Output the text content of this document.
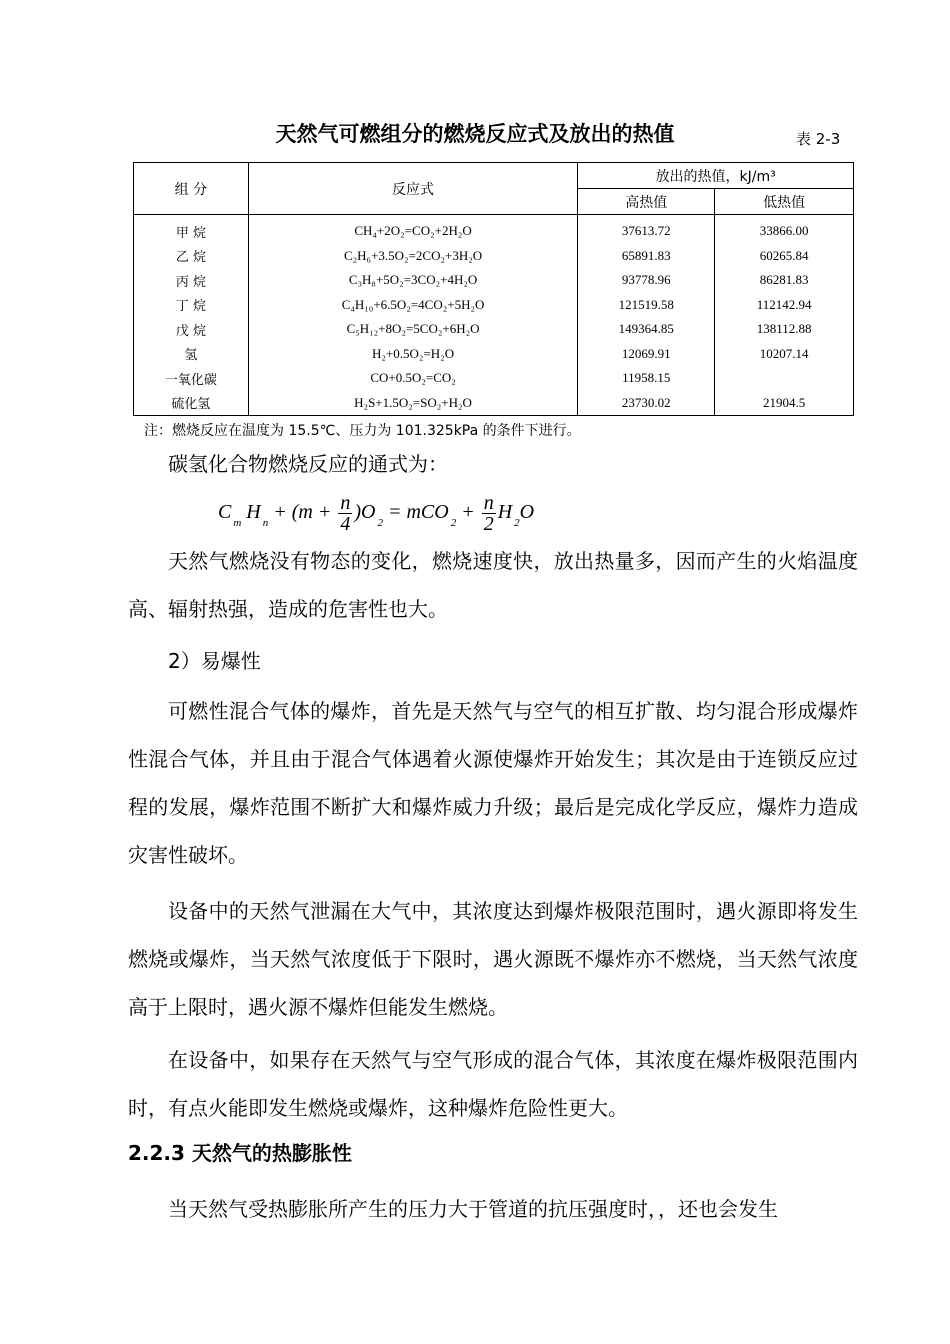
天然气可燃组分的燃烧反应式及放出的热值	表 2-3
组 分	反应式	放出的热值，kJ/m³	
		高热值	低热值
甲 烷	CH₄+2O₂=CO₂+2H₂O	37613.72	33866.00
乙 烷	C₂H₆+3.5O₂=2CO₂+3H₂O	65891.83	60265.84
丙 烷	C₃H₈+5O₂=3CO₂+4H₂O	93778.96	86281.83
丁 烷	C₄H₁₀+6.5O₂=4CO₂+5H₂O	121519.58	112142.94
戊 烷	C₅H₁₂+8O₂=5CO₂+6H₂O	149364.85	138112.88
氢	H₂+0.5O₂=H₂O	12069.91	10207.14
一氧化碳	CO+0.5O₂=CO₂	11958.15	
硫化氢	H₂S+1.5O₂=SO₂+H₂O	23730.02	21904.5
注：燃烧反应在温度为 15.5℃、压力为 101.325kPa 的条件下进行。
碳氢化合物燃烧反应的通式为：
C $_m$ H $_n + (m + \frac{n}{4} )O$ $_2$ = mCO $_2 + \frac{n}{2}$ H $_2$O
天然气燃烧没有物态的变化，燃烧速度快，放出热量多，因而产生的火焰温度高、辐射热强，造成的危害性也大。
2）易爆性
可燃性混合气体的爆炸，首先是天然气与空气的相互扩散、均匀混合形成爆炸性混合气体，并且由于混合气体遇着火源使爆炸开始发生；其次是由于连锁反应过程的发展，爆炸范围不断扩大和爆炸威力升级；最后是完成化学反应，爆炸力造成灾害性破坏。
设备中的天然气泄漏在大气中，其浓度达到爆炸极限范围时，遇火源即将发生燃烧或爆炸，当天然气浓度低于下限时，遇火源既不爆炸亦不燃烧，当天然气浓度高于上限时，遇火源不爆炸但能发生燃烧。
在设备中，如果存在天然气与空气形成的混合气体，其浓度在爆炸极限范围内时，有点火能即发生燃烧或爆炸，这种爆炸危险性更大。
2.2.3 天然气的热膨胀性
当天然气受热膨胀所产生的压力大于管道的抗压强度时，，还也会发生
